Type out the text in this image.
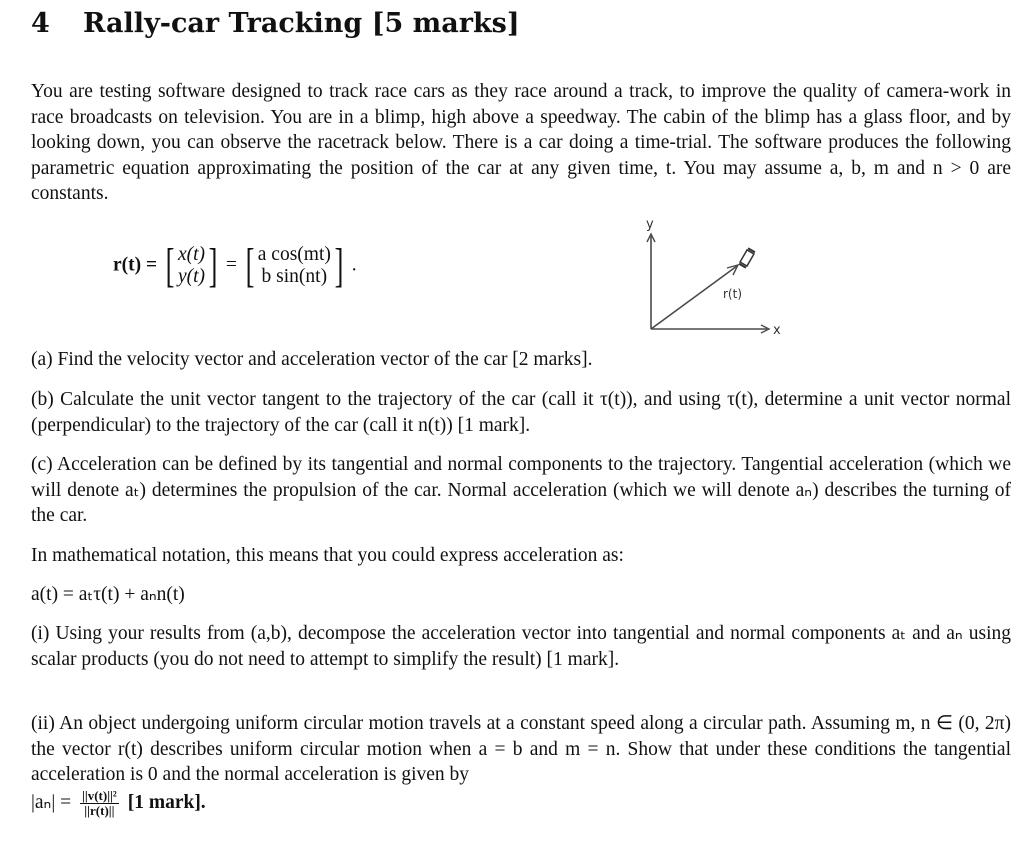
4 Rally-car Tracking [5 marks]

You are testing software designed to track race cars as they race around a track, to improve the quality of camera-work in race broadcasts on television. You are in a blimp, high above a speedway. The cabin of the blimp has a glass floor, and by looking down, you can observe the racetrack below. There is a car doing a time-trial. The software produces the following parametric equation approximating the position of the car at any given time, t. You may assume a, b, m and n > 0 are constants.

r(t) = [ x(t)
y(t) ] = [ a cos(mt)
b sin(nt) ] .
y
x
r(t)

(a) Find the velocity vector and acceleration vector of the car [2 marks].

(b) Calculate the unit vector tangent to the trajectory of the car (call it τ(t)), and using τ(t), determine a unit vector normal (perpendicular) to the trajectory of the car (call it n(t)) [1 mark].

(c) Acceleration can be defined by its tangential and normal components to the trajectory. Tangential acceleration (which we will denote aₜ) determines the propulsion of the car. Normal acceleration (which we will denote aₙ) describes the turning of the car.

In mathematical notation, this means that you could express acceleration as:

a(t) = aₜτ(t) + aₙn(t)

(i) Using your results from (a,b), decompose the acceleration vector into tangential and normal components aₜ and aₙ using scalar products (you do not need to attempt to simplify the result) [1 mark].

(ii) An object undergoing uniform circular motion travels at a constant speed along a circular path. Assuming m, n ∈ (0, 2π) the vector r(t) describes uniform circular motion when a = b and m = n. Show that under these conditions the tangential acceleration is 0 and the normal acceleration is given by

$|a_n| = \frac{\text{||v(t)||²}}{||r(t)||} [1$ mark].
